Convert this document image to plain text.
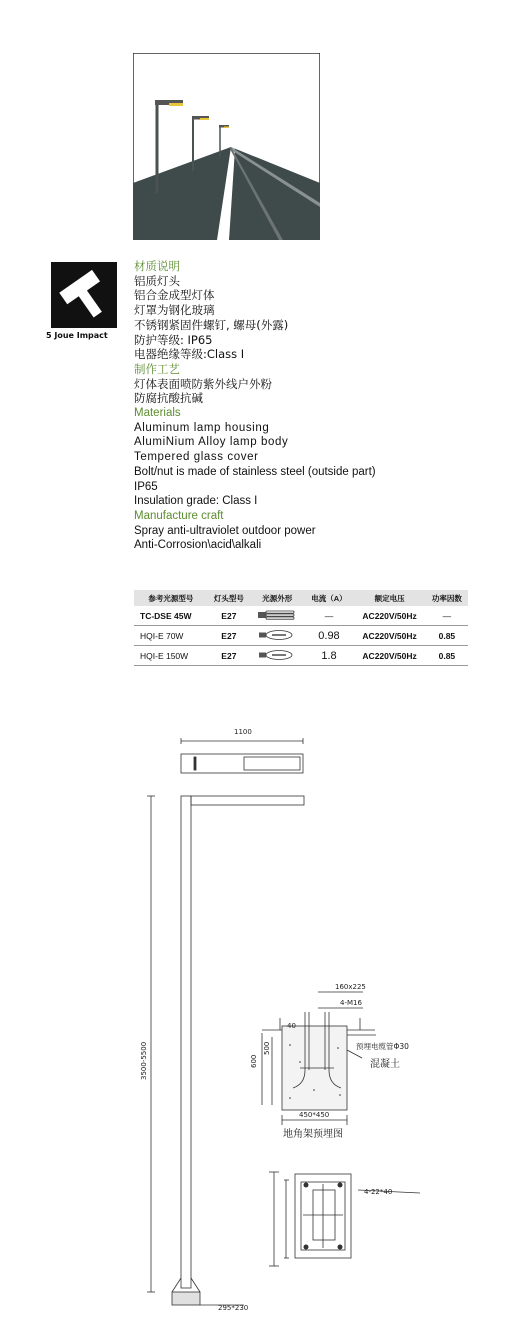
5 Joue Impact
材质说明
铝质灯头
铝合金成型灯体
灯罩为钢化玻璃
不锈钢紧固件螺钉, 螺母(外露)
防护等级: IP65
电器绝缘等级:Class I
制作工艺
灯体表面喷防紫外线户外粉
防腐抗酸抗碱
Materials
Aluminum lamp housing
AlumiNium Alloy lamp body
Tempered glass cover
Bolt/nut is made of stainless steel (outside part)
IP65
Insulation grade: Class I
Manufacture craft
Spray anti-ultraviolet outdoor power
Anti-Corrosion\acid\alkali
参考光源型号	灯头型号	光源外形	电流（A）	额定电压	功率因数
TC-DSE 45W	E27		—	AC220V/50Hz	—
HQI-E 70W	E27		0.98	AC220V/50Hz	0.85
HQI-E 150W	E27		1.8	AC220V/50Hz	0.85
1100
3500-5500
295*230
160x225
4-M16
40
600
500	预埋电缆管Φ30
混凝土
450*450
地角架预埋图
4-22*40
